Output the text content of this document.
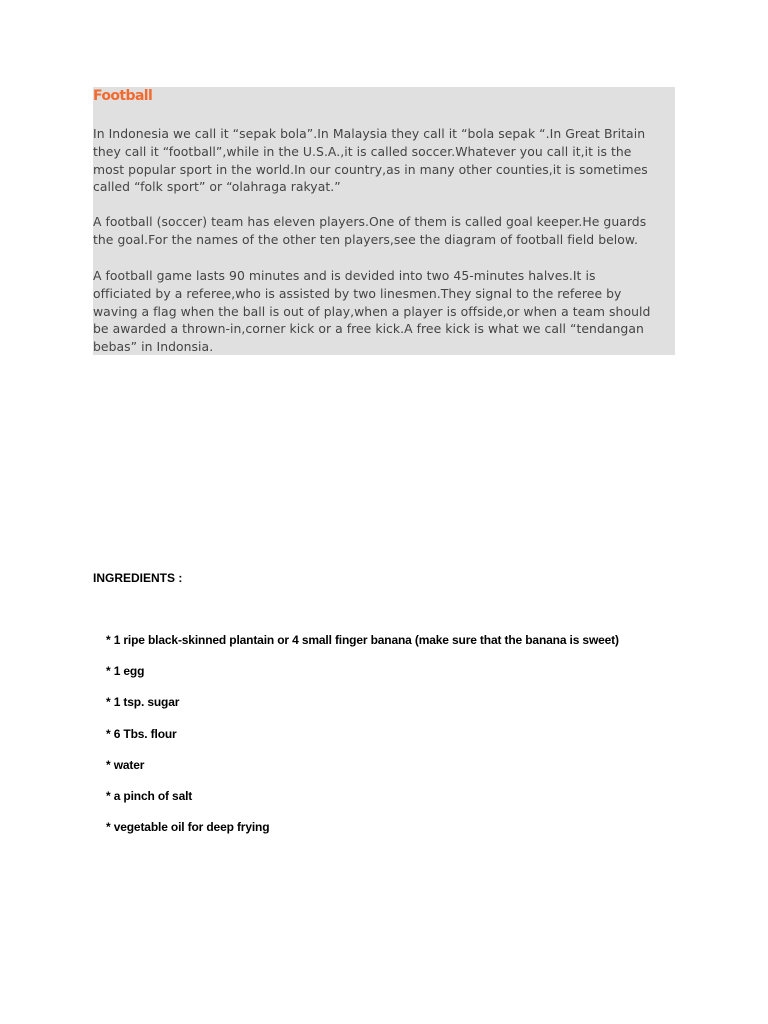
Football

In Indonesia we call it “sepak bola”.In Malaysia they call it “bola sepak “.In Great Britain
they call it “football”,while in the U.S.A.,it is called soccer.Whatever you call it,it is the
most popular sport in the world.In our country,as in many other counties,it is sometimes
called “folk sport” or “olahraga rakyat.”

A football (soccer) team has eleven players.One of them is called goal keeper.He guards
the goal.For the names of the other ten players,see the diagram of football field below.

A football game lasts 90 minutes and is devided into two 45-minutes halves.It is
officiated by a referee,who is assisted by two linesmen.They signal to the referee by
waving a flag when the ball is out of play,when a player is offside,or when a team should
be awarded a thrown-in,corner kick or a free kick.A free kick is what we call “tendangan
bebas” in Indonsia.

INGREDIENTS :
* 1 ripe black-skinned plantain or 4 small finger banana (make sure that the banana is sweet)
* 1 egg
* 1 tsp. sugar
* 6 Tbs. flour
* water
* a pinch of salt
* vegetable oil for deep frying
